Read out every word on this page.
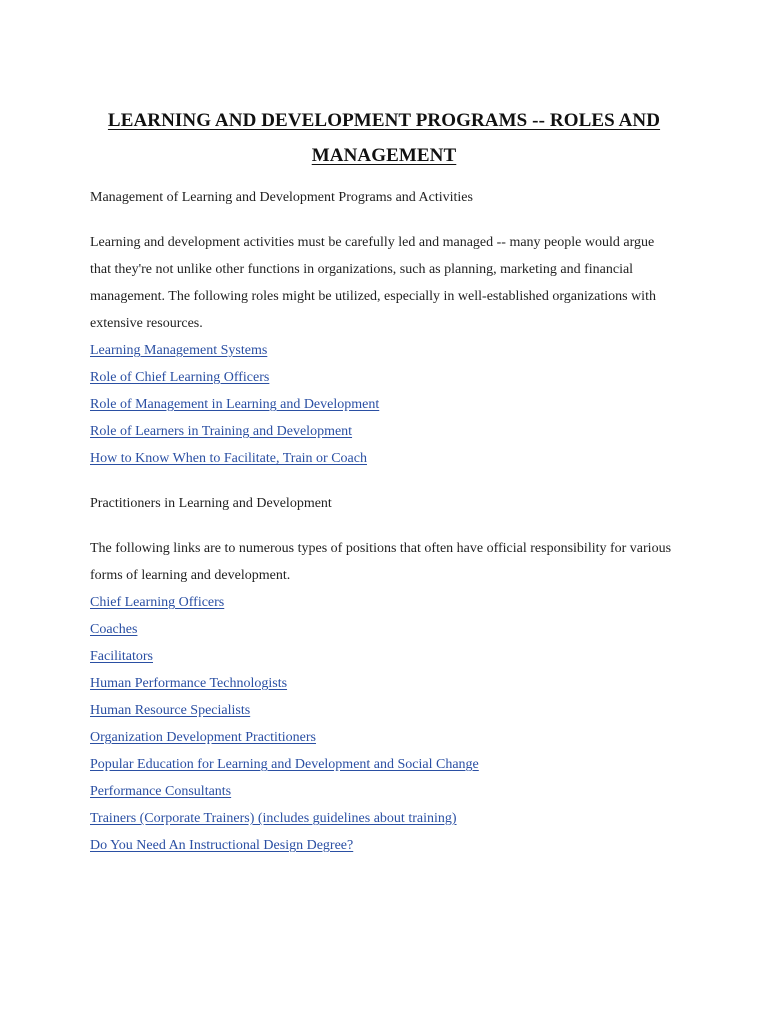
LEARNING AND DEVELOPMENT PROGRAMS -- ROLES AND MANAGEMENT

Management of Learning and Development Programs and Activities

Learning and development activities must be carefully led and managed -- many people would argue that they're not unlike other functions in organizations, such as planning, marketing and financial management. The following roles might be utilized, especially in well-established organizations with extensive resources.

Learning Management Systems
Role of Chief Learning Officers
Role of Management in Learning and Development
Role of Learners in Training and Development
How to Know When to Facilitate, Train or Coach

Practitioners in Learning and Development

The following links are to numerous types of positions that often have official responsibility for various forms of learning and development.

Chief Learning Officers
Coaches
Facilitators
Human Performance Technologists
Human Resource Specialists
Organization Development Practitioners
Popular Education for Learning and Development and Social Change
Performance Consultants
Trainers (Corporate Trainers) (includes guidelines about training)
Do You Need An Instructional Design Degree?
